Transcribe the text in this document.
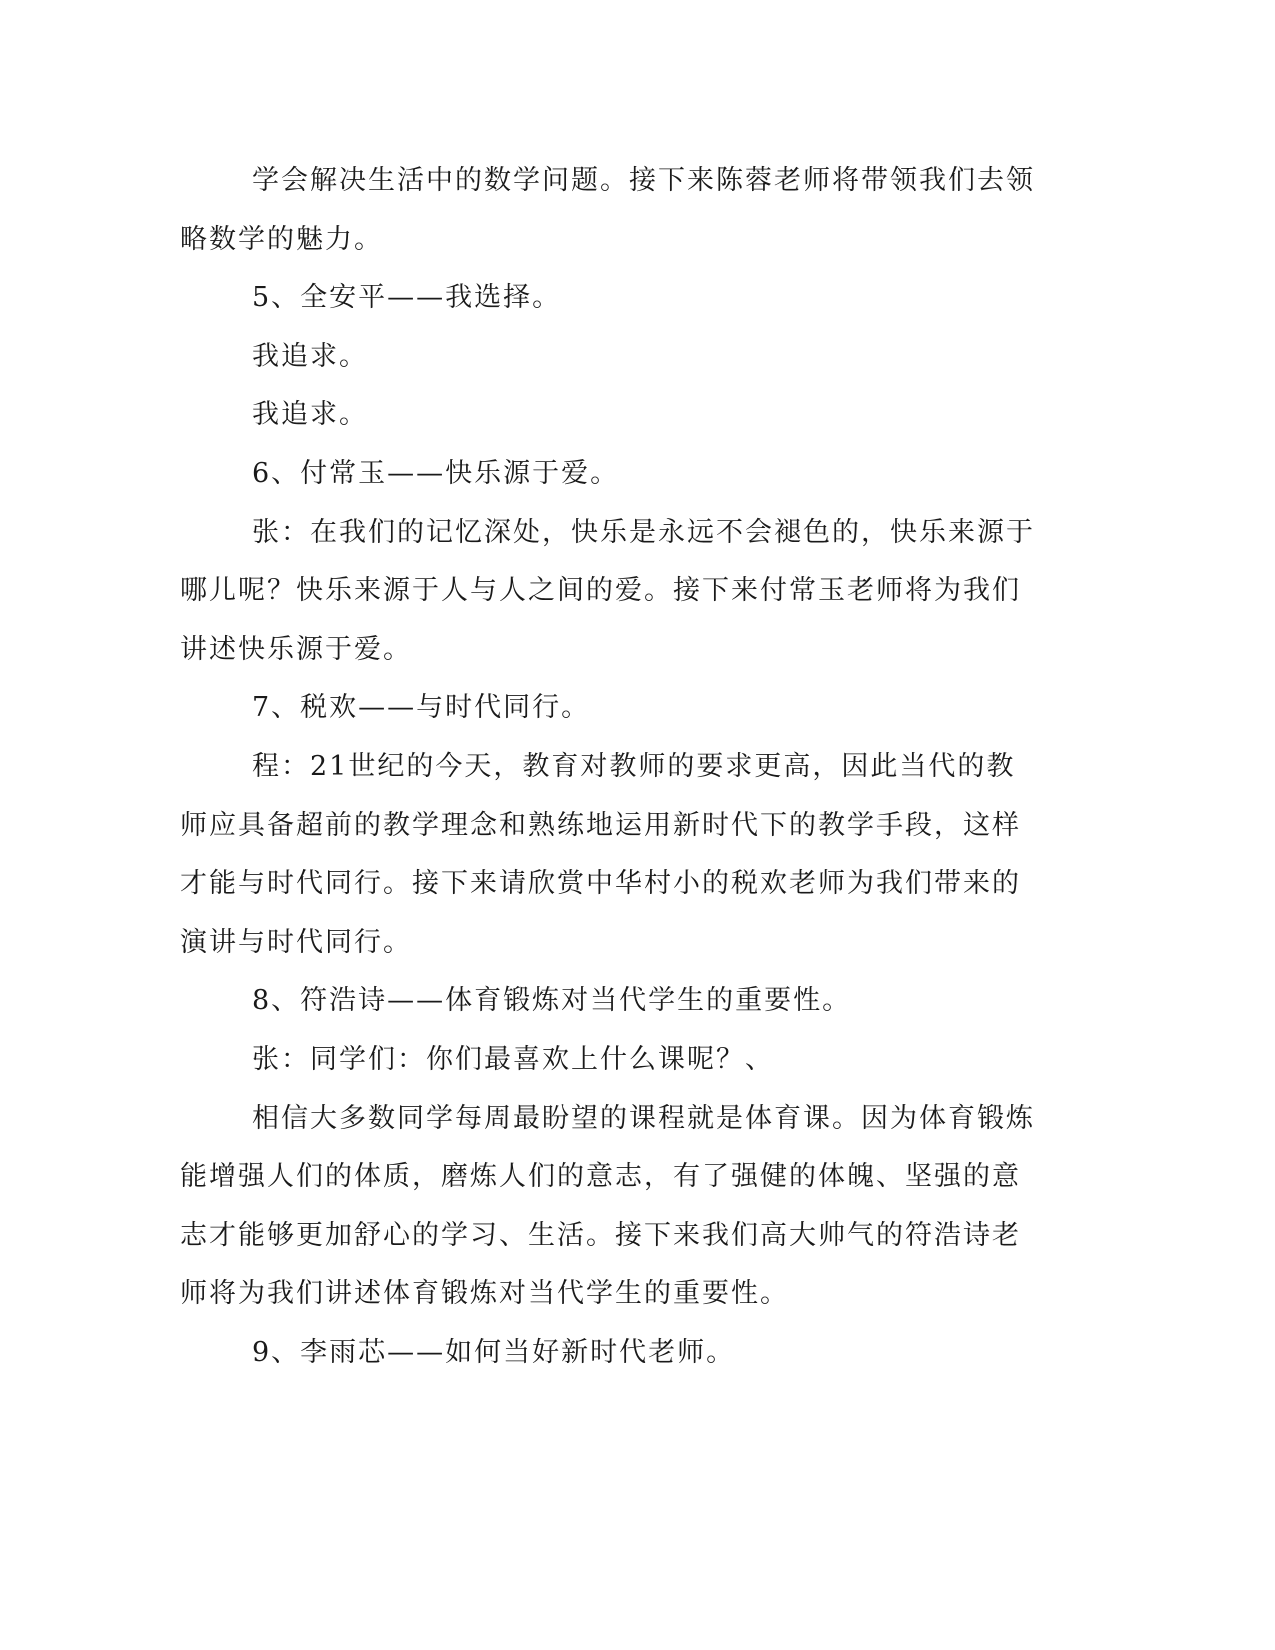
学会解决生活中的数学问题。接下来陈蓉老师将带领我们去领略数学的魅力。

5、全安平——我选择。

我追求。

我追求。

6、付常玉——快乐源于爱。

张：在我们的记忆深处，快乐是永远不会褪色的，快乐来源于哪儿呢？快乐来源于人与人之间的爱。接下来付常玉老师将为我们讲述快乐源于爱。

7、税欢——与时代同行。

程：21世纪的今天，教育对教师的要求更高，因此当代的教师应具备超前的教学理念和熟练地运用新时代下的教学手段，这样才能与时代同行。接下来请欣赏中华村小的税欢老师为我们带来的演讲与时代同行。

8、符浩诗——体育锻炼对当代学生的重要性。

张：同学们：你们最喜欢上什么课呢？、

相信大多数同学每周最盼望的课程就是体育课。因为体育锻炼能增强人们的体质，磨炼人们的意志，有了强健的体魄、坚强的意志才能够更加舒心的学习、生活。接下来我们高大帅气的符浩诗老师将为我们讲述体育锻炼对当代学生的重要性。

9、李雨芯——如何当好新时代老师。
